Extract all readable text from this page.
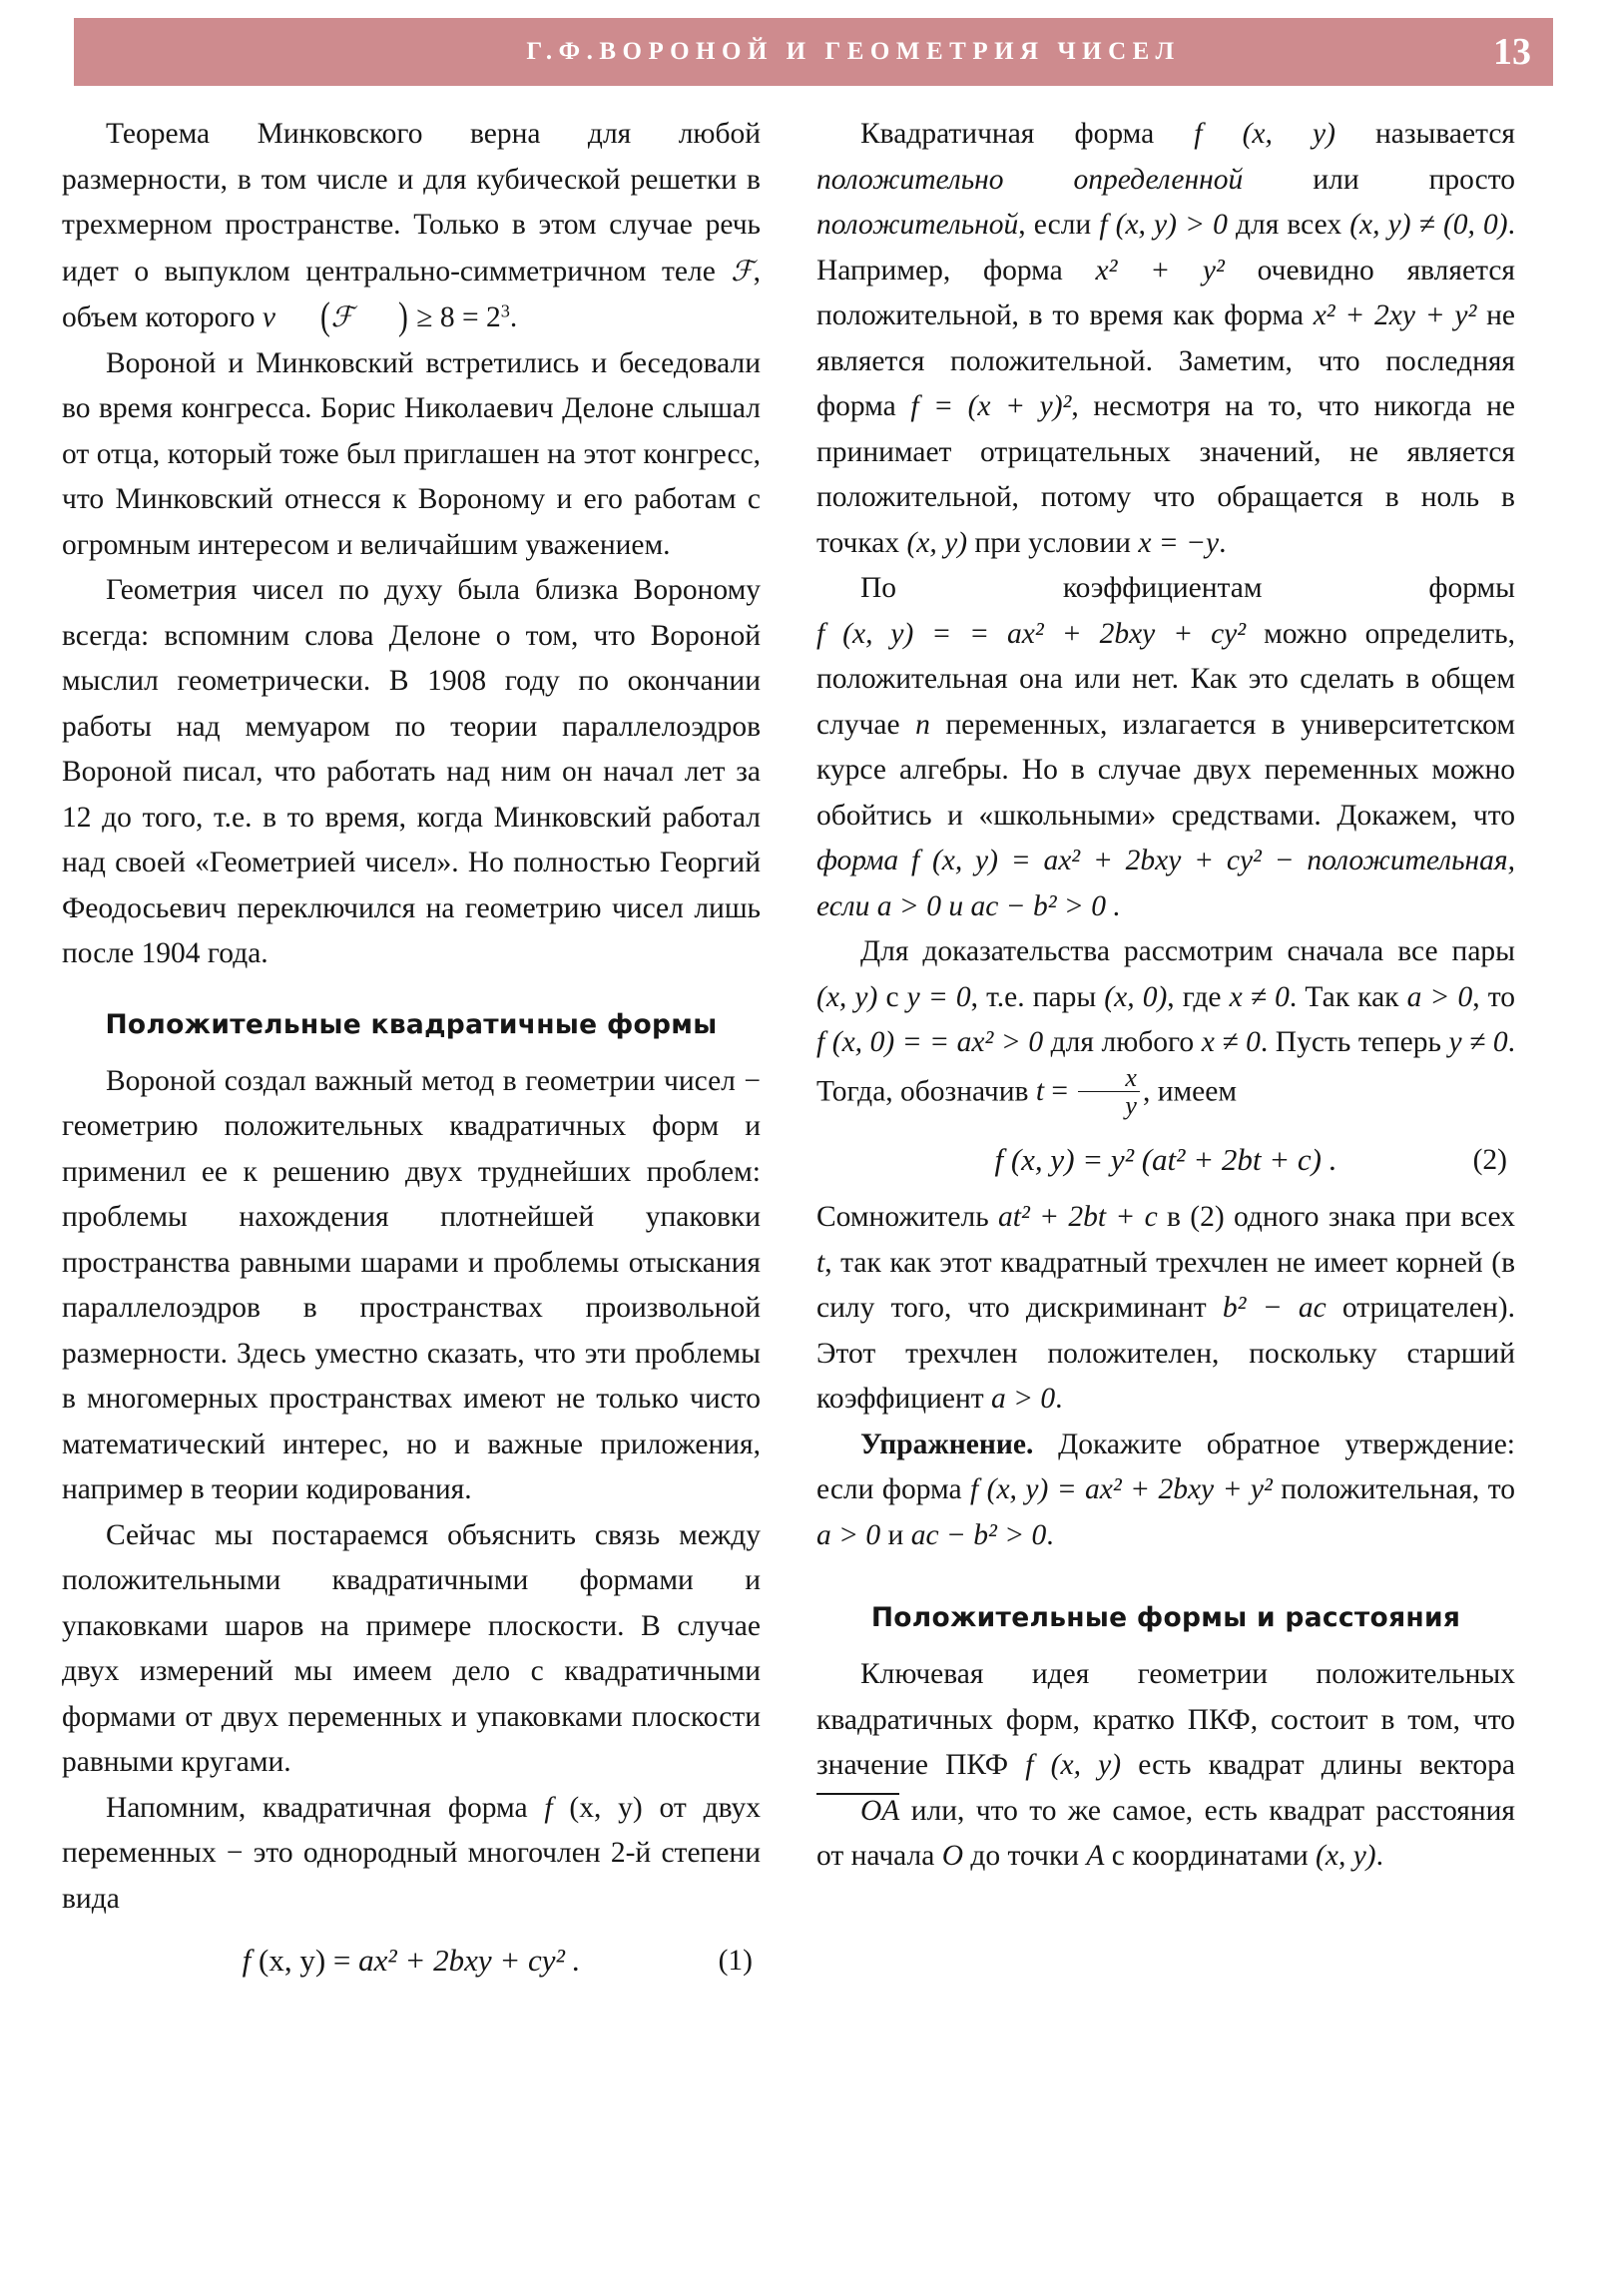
Г.Ф.ВОРОНОЙ И ГЕОМЕТРИЯ ЧИСЕЛ	13

Теорема Минковского верна для любой размерности, в том числе и для кубической решетки в трехмерном пространстве. Только в этом случае речь идет о выпуклом центрально-симметричном теле ℱ, объем которого v (ℱ ) ≥ $8 = 2^3$.

Вороной и Минковский встретились и беседовали во время конгресса. Борис Николаевич Делоне слышал от отца, который тоже был приглашен на этот конгресс, что Минковский отнесся к Вороному и его работам с огромным интересом и величайшим уважением.

Геометрия чисел по духу была близка Вороному всегда: вспомним слова Делоне о том, что Вороной мыслил геометрически. В 1908 году по окончании работы над мемуаром по теории параллелоэдров Вороной писал, что работать над ним он начал лет за 12 до того, т.е. в то время, когда Минковский работал над своей «Геометрией чисел». Но полностью Георгий Феодосьевич переключился на геометрию чисел лишь после 1904 года.

Положительные квадратичные формы

Вороной создал важный метод в геометрии чисел − геометрию положительных квадратичных форм и применил ее к решению двух труднейших проблем: проблемы нахождения плотнейшей упаковки пространства равными шарами и проблемы отыскания параллелоэдров в пространствах произвольной размерности. Здесь уместно сказать, что эти проблемы в многомерных пространствах имеют не только чисто математический интерес, но и важные приложения, например в теории кодирования.

Сейчас мы постараемся объяснить связь между положительными квадратичными формами и упаковками шаров на примере плоскости. В случае двух измерений мы имеем дело с квадратичными формами от двух переменных и упаковками плоскости равными кругами.

Напомним, квадратичная форма f (x, y) от двух переменных − это однородный многочлен 2-й степени вида

f (x, y) = ax² + 2bxy + cy² .	(1)

Квадратичная форма f (x, y) называется положительно определенной или просто положительной, если f (x, y) > 0 для всех (x, y) ≠ (0, 0). Например, форма x² + y² очевидно является положительной, в то время как форма x² + 2xy + y² не является положительной. Заметим, что последняя форма f = (x + y)², несмотря на то, что никогда не принимает отрицательных значений, не является положительной, потому что обращается в ноль в точках (x, y) при условии x = −y.

По коэффициентам формы f (x, y) = = ax² + 2bxy + cy² можно определить, положительная она или нет. Как это сделать в общем случае n переменных, излагается в университетском курсе алгебры. Но в случае двух переменных можно обойтись и «школьными» средствами. Докажем, что форма f (x, y) = ax² + 2bxy + cy² − положительная, если a > 0 и ac − b² > 0 .

Для доказательства рассмотрим сначала все пары (x, y) с y = 0, т.е. пары (x, 0), где x ≠ 0. Так как a > 0, то f (x, 0) = = ax² > 0 для любого x ≠ 0. Пусть теперь y ≠ 0. Тогда, обозначив $t = \frac{x}{y}$ , имеем

f (x, y) = y² (at² + 2bt + c) .	(2)

Сомножитель at² + 2bt + c в (2) одного знака при всех t, так как этот квадратный трехчлен не имеет корней (в силу того, что дискриминант b² − ac отрицателен). Этот трехчлен положителен, поскольку старший коэффициент a > 0.

Упражнение. Докажите обратное утверждение: если форма f (x, y) = ax² + 2bxy + y² положительная, то a > 0 и ac − b² > 0.

Положительные формы и расстояния

Ключевая идея геометрии положительных квадратичных форм, кратко ПКФ, состоит в том, что значение ПКФ f (x, y) есть квадрат длины вектора OA или, что то же самое, есть квадрат расстояния от начала O до точки A с координатами (x, y).
